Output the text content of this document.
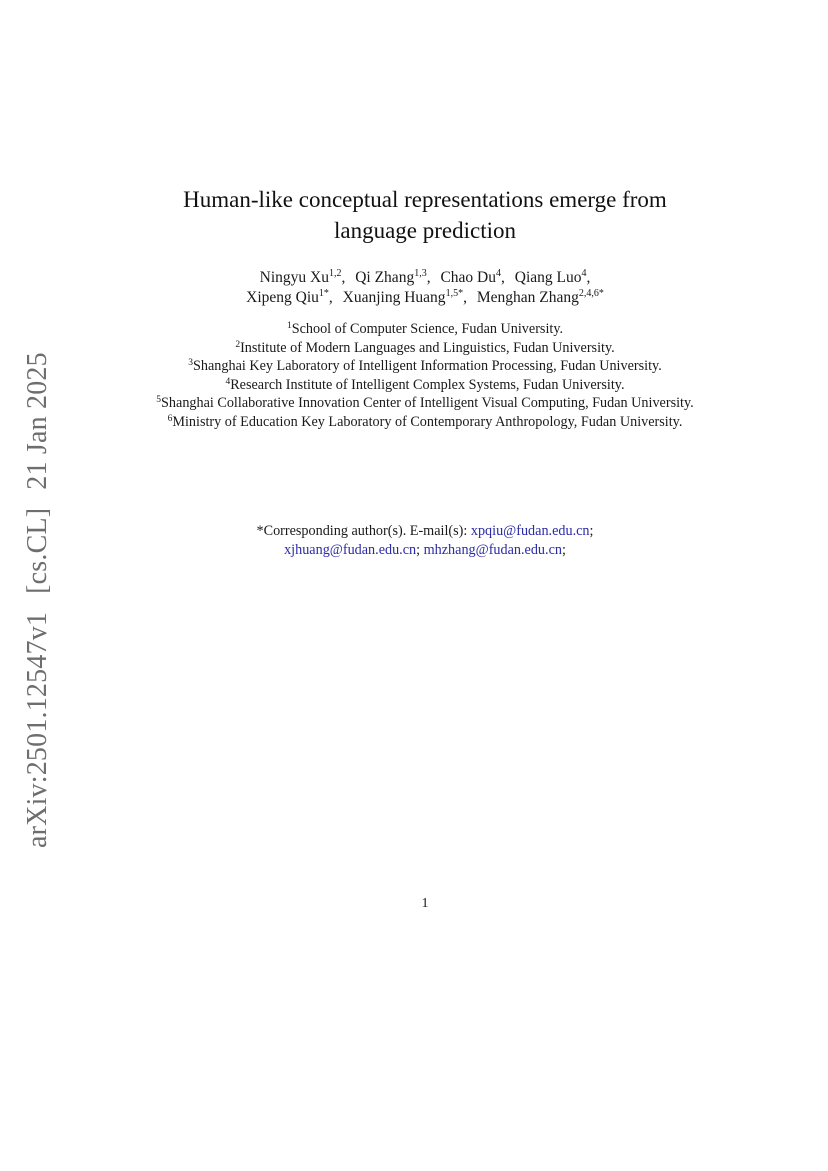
arXiv:2501.12547v1[cs.CL]21 Jan 2025
Human-like conceptual representations emerge from
language prediction
Ningyu Xu$^{1,2}$, Qi Zhang$^{1,3}$, Chao Du$^4$, Qiang Luo$^4$,
Xipeng Qiu$^{1*}$, Xuanjing Huang$^{1,5*}$, Menghan Zhang$^{2,4,6*}$
$^1$School of Computer Science, Fudan University.
$^2$Institute of Modern Languages and Linguistics, Fudan University.
$^3$Shanghai Key Laboratory of Intelligent Information Processing, Fudan University.
$^4$Research Institute of Intelligent Complex Systems, Fudan University.
$^5$Shanghai Collaborative Innovation Center of Intelligent Visual Computing, Fudan University.
$^6$Ministry of Education Key Laboratory of Contemporary Anthropology, Fudan University.
*Corresponding author(s). E-mail(s): xpqiu@fudan.edu.cn;
xjhuang@fudan.edu.cn; mhzhang@fudan.edu.cn;
1
